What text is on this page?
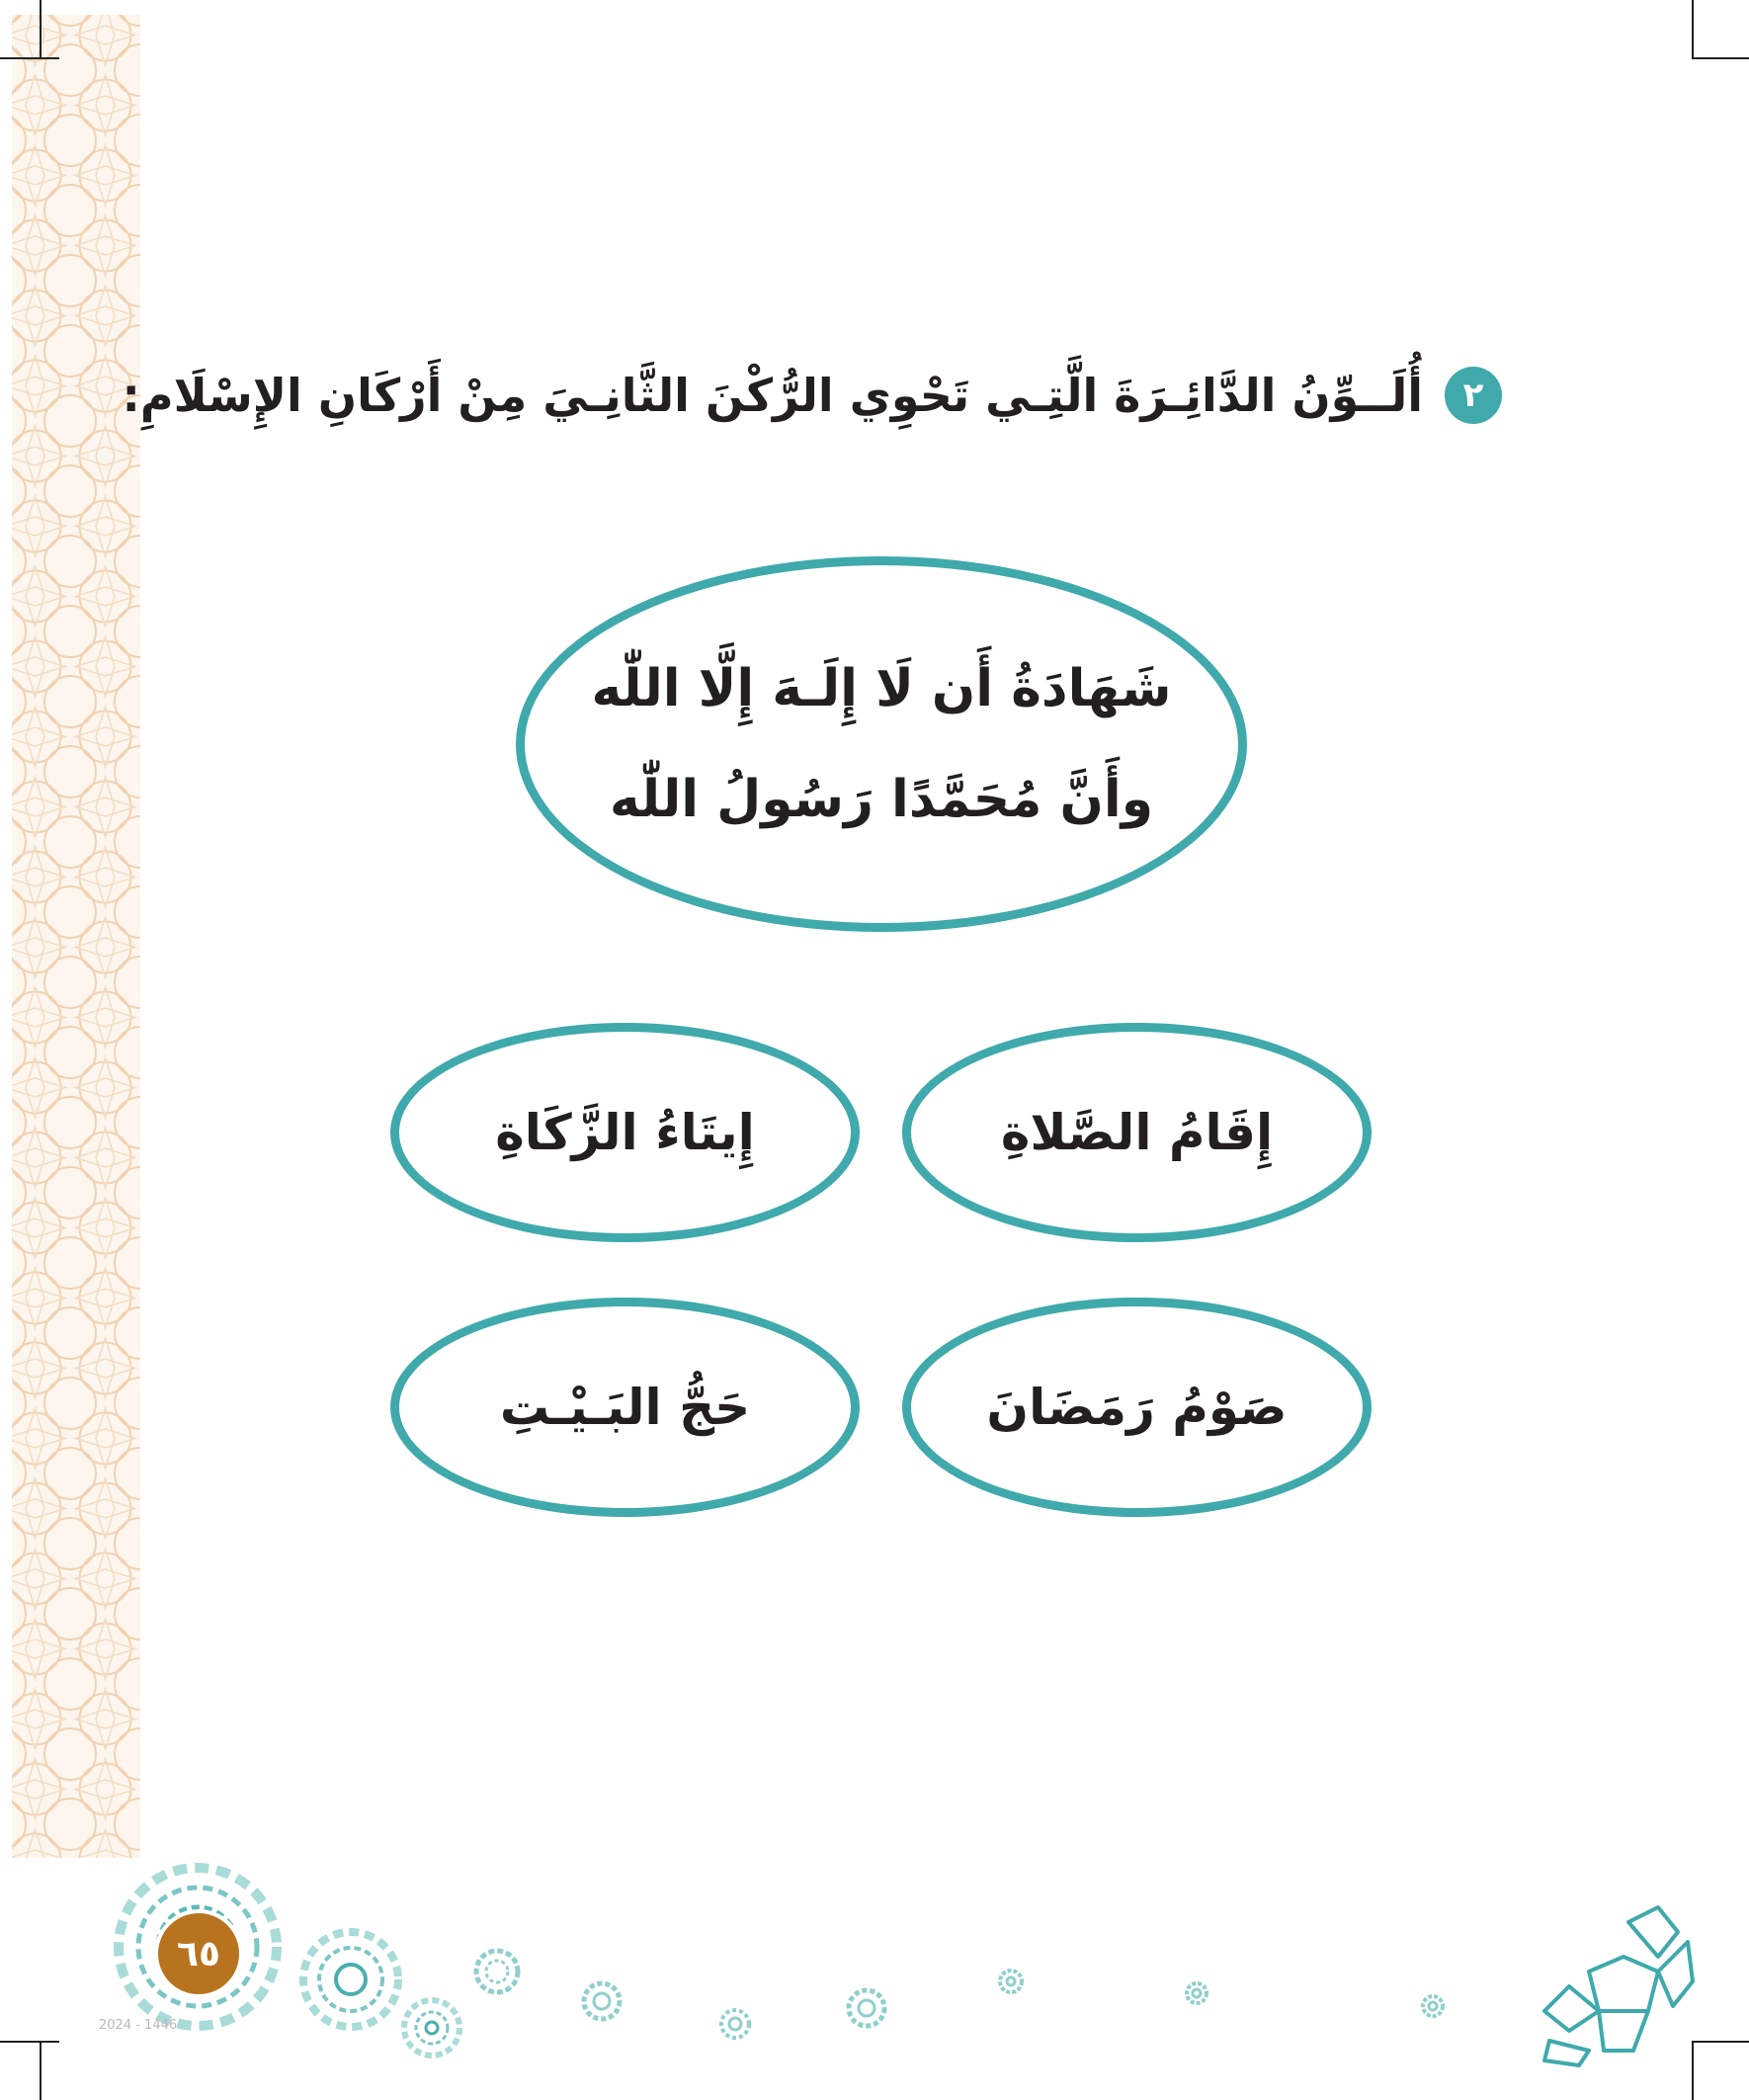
٢
أُلَــوِّنُ الدَّائِـرَةَ الَّتِـي تَحْوِي الرُّكْنَ الثَّانِـيَ مِنْ أَرْكَانِ الإِسْلَامِ:
شَهَادَةُ أَن لَا إِلَـهَ إِلَّا اللّٰه
وأَنَّ مُحَمَّدًا رَسُولُ اللّٰه
إِقَامُ الصَّلاةِ
إِيتَاءُ الزَّكَاةِ
صَوْمُ رَمَضَانَ
حَجُّ البَـيْـتِ
٦٥
2024 - 1446
